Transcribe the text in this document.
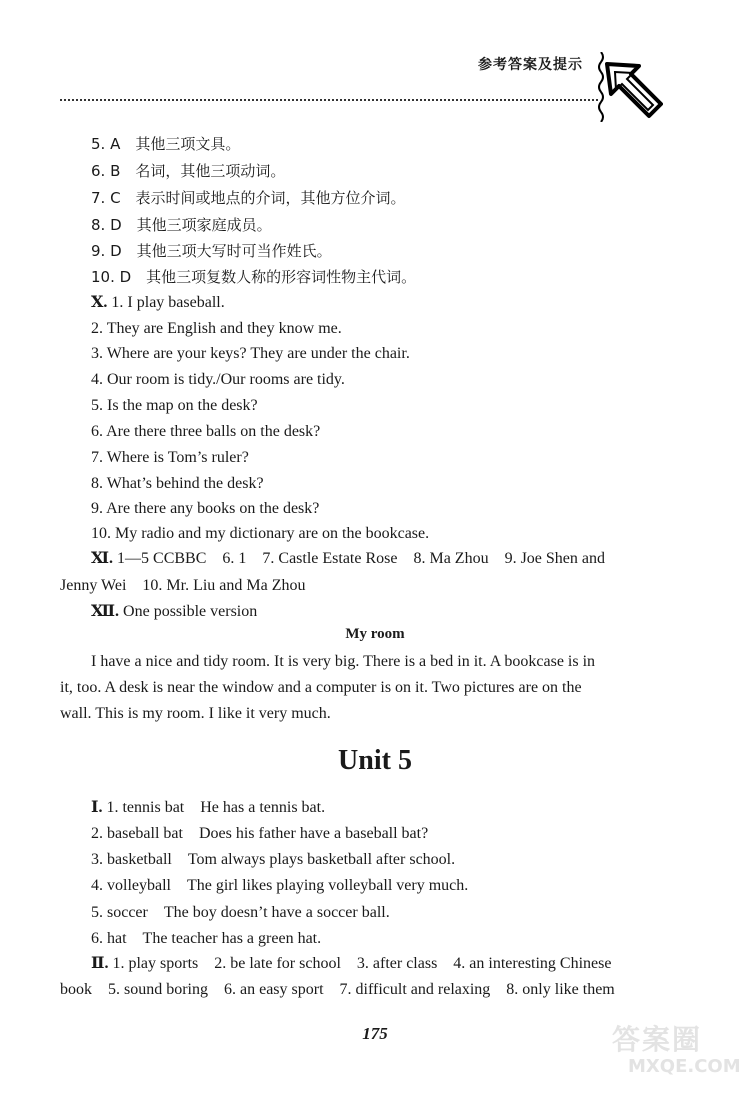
参考答案及提示
5. A　其他三项文具。
6. B　名词，其他三项动词。
7. C　表示时间或地点的介词，其他方位介词。
8. D　其他三项家庭成员。
9. D　其他三项大写时可当作姓氏。
10. D　其他三项复数人称的形容词性物主代词。
Ⅹ. 1. I play baseball.
2. They are English and they know me.
3. Where are your keys? They are under the chair.
4. Our room is tidy./Our rooms are tidy.
5. Is the map on the desk?
6. Are there three balls on the desk?
7. Where is Tom’s ruler?
8. What’s behind the desk?
9. Are there any books on the desk?
10. My radio and my dictionary are on the bookcase.
Ⅺ. 1—5 CCBBC　6. 1　7. Castle Estate Rose　8. Ma Zhou　9. Joe Shen and
Jenny Wei　10. Mr. Liu and Ma Zhou
Ⅻ. One possible version
My room
I have a nice and tidy room. It is very big. There is a bed in it. A bookcase is in
it, too. A desk is near the window and a computer is on it. Two pictures are on the
wall. This is my room. I like it very much.
Unit 5
Ⅰ. 1. tennis bat　He has a tennis bat.
2. baseball bat　Does his father have a baseball bat?
3. basketball　Tom always plays basketball after school.
4. volleyball　The girl likes playing volleyball very much.
5. soccer　The boy doesn’t have a soccer ball.
6. hat　The teacher has a green hat.
Ⅱ. 1. play sports　2. be late for school　3. after class　4. an interesting Chinese
book　5. sound boring　6. an easy sport　7. difficult and relaxing　8. only like them
175	答案圈
MXQE.COM
